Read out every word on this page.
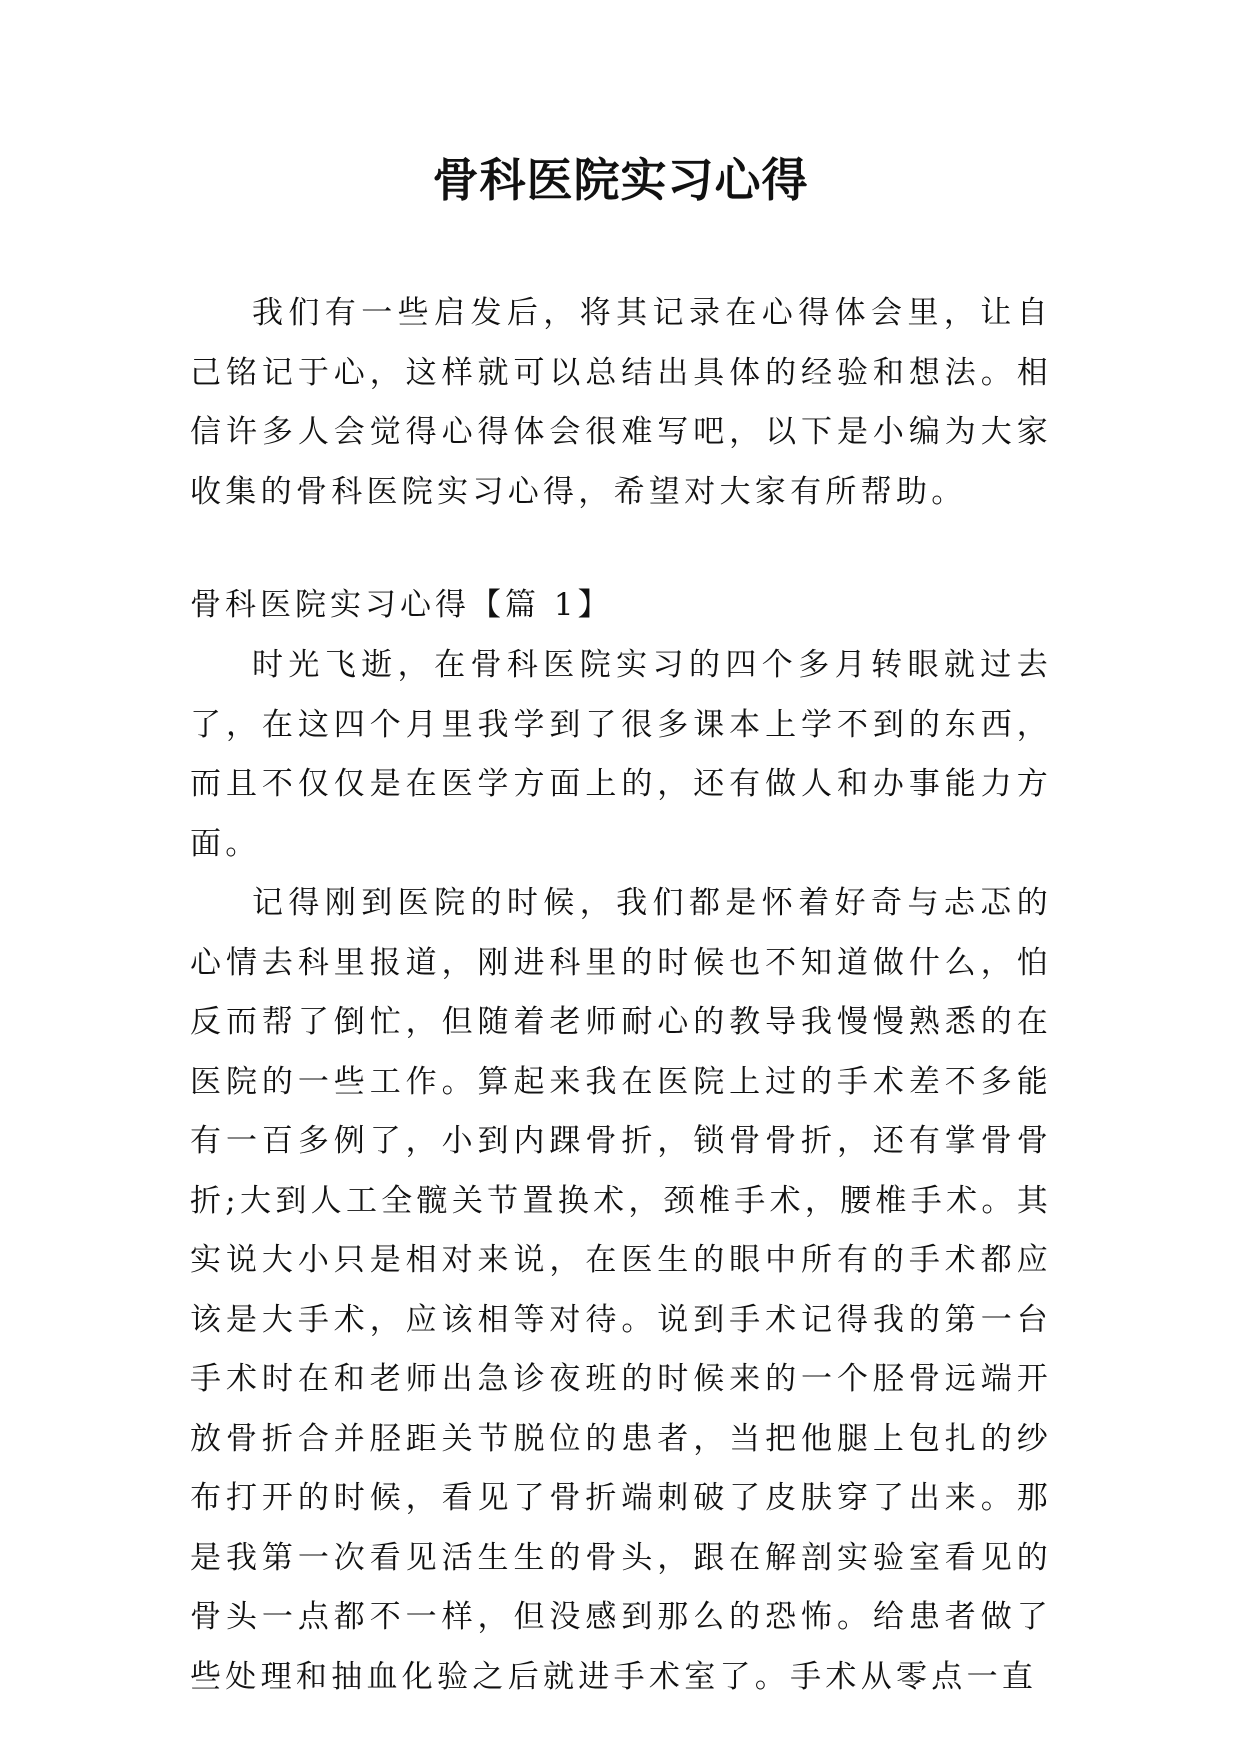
骨科医院实习心得

我们有一些启发后，将其记录在心得体会里，让自己铭记于心，这样就可以总结出具体的经验和想法。相信许多人会觉得心得体会很难写吧，以下是小编为大家收集的骨科医院实习心得，希望对大家有所帮助。

骨科医院实习心得【篇 1】

时光飞逝，在骨科医院实习的四个多月转眼就过去了，在这四个月里我学到了很多课本上学不到的东西，而且不仅仅是在医学方面上的，还有做人和办事能力方面。

记得刚到医院的时候，我们都是怀着好奇与忐忑的心情去科里报道，刚进科里的时候也不知道做什么，怕反而帮了倒忙，但随着老师耐心的教导我慢慢熟悉的在医院的一些工作。算起来我在医院上过的手术差不多能有一百多例了，小到内踝骨折，锁骨骨折，还有掌骨骨折;大到人工全髋关节置换术，颈椎手术，腰椎手术。其实说大小只是相对来说，在医生的眼中所有的手术都应该是大手术，应该相等对待。说到手术记得我的第一台手术时在和老师出急诊夜班的时候来的一个胫骨远端开放骨折合并胫距关节脱位的患者，当把他腿上包扎的纱布打开的时候，看见了骨折端刺破了皮肤穿了出来。那是我第一次看见活生生的骨头，跟在解剖实验室看见的骨头一点都不一样，但没感到那么的恐怖。给患者做了些处理和抽血化验之后就进手术室了。手术从零点一直
